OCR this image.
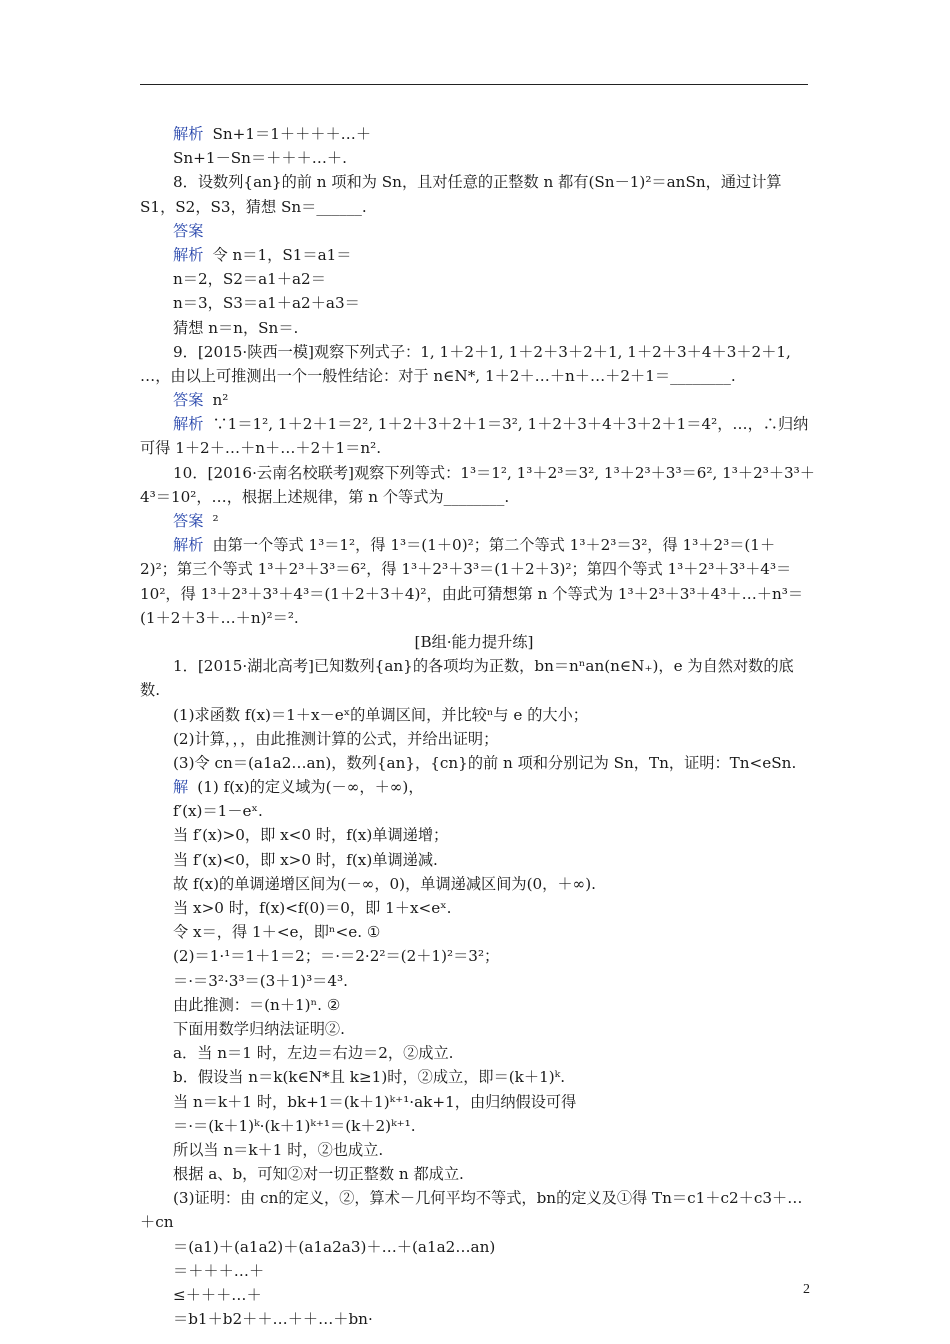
解析 Sn+1＝1＋＋＋＋…＋
Sn+1－Sn＝＋＋＋…＋.
8．设数列{an}的前 n 项和为 Sn，且对任意的正整数 n 都有(Sn－1)²＝anSn，通过计算
S1，S2，S3，猜想 Sn＝______.
答案
解析 令 n＝1，S1＝a1＝
n＝2，S2＝a1＋a2＝
n＝3，S3＝a1＋a2＋a3＝
猜想 n＝n，Sn＝.
9．[2015·陕西一模]观察下列式子：1, 1＋2＋1, 1＋2＋3＋2＋1, 1＋2＋3＋4＋3＋2＋1,
…，由以上可推测出一个一般性结论：对于 n∈N*, 1＋2＋…＋n＋…＋2＋1＝________.
答案 n²
解析 ∵1＝1², 1＋2＋1＝2², 1＋2＋3＋2＋1＝3², 1＋2＋3＋4＋3＋2＋1＝4²，…，∴归纳
可得 1＋2＋…＋n＋…＋2＋1＝n².
10．[2016·云南名校联考]观察下列等式：1³＝1², 1³＋2³＝3², 1³＋2³＋3³＝6², 1³＋2³＋3³＋
4³＝10²，…，根据上述规律，第 n 个等式为________.
答案 ²
解析 由第一个等式 1³＝1²，得 1³＝(1＋0)²；第二个等式 1³＋2³＝3²，得 1³＋2³＝(1＋
2)²；第三个等式 1³＋2³＋3³＝6²，得 1³＋2³＋3³＝(1＋2＋3)²；第四个等式 1³＋2³＋3³＋4³＝
10²，得 1³＋2³＋3³＋4³＝(1＋2＋3＋4)²，由此可猜想第 n 个等式为 1³＋2³＋3³＋4³＋…＋n³＝
(1＋2＋3＋…＋n)²＝².
[B组·能力提升练]
1．[2015·湖北高考]已知数列{an}的各项均为正数，bn＝nⁿan(n∈N₊)，e 为自然对数的底
数.
(1)求函数 f(x)＝1＋x－eˣ的单调区间，并比较ⁿ与 e 的大小；
(2)计算，，，由此推测计算的公式，并给出证明；
(3)令 cn＝(a1a2…an)，数列{an}，{cn}的前 n 项和分别记为 Sn，Tn，证明：Tn<eSn.
解 (1) f(x)的定义域为(－∞，＋∞)，
f′(x)＝1－eˣ.
当 f′(x)>0，即 x<0 时，f(x)单调递增；
当 f′(x)<0，即 x>0 时，f(x)单调递减.
故 f(x)的单调递增区间为(－∞，0)，单调递减区间为(0，＋∞).
当 x>0 时，f(x)<f(0)＝0，即 1＋x<eˣ.
令 x＝，得 1＋<e，即ⁿ<e. ①
(2)＝1·¹＝1＋1＝2；＝·＝2·2²＝(2＋1)²＝3²；
＝·＝3²·3³＝(3＋1)³＝4³.
由此推测：＝(n＋1)ⁿ. ②
下面用数学归纳法证明②.
a．当 n＝1 时，左边＝右边＝2，②成立.
b．假设当 n＝k(k∈N*且 k≥1)时，②成立，即＝(k＋1)ᵏ.
当 n＝k＋1 时，bk+1＝(k＋1)ᵏ⁺¹·ak+1，由归纳假设可得
＝·＝(k＋1)ᵏ·(k＋1)ᵏ⁺¹＝(k＋2)ᵏ⁺¹.
所以当 n＝k＋1 时，②也成立.
根据 a、b，可知②对一切正整数 n 都成立.
(3)证明：由 cn的定义，②，算术－几何平均不等式，bn的定义及①得 Tn＝c1＋c2＋c3＋…
＋cn
＝(a1)＋(a1a2)＋(a1a2a3)＋…＋(a1a2…an)
＝＋＋＋…＋
≤＋＋＋…＋
＝b1＋b2＋＋…＋＋…＋bn·
2
